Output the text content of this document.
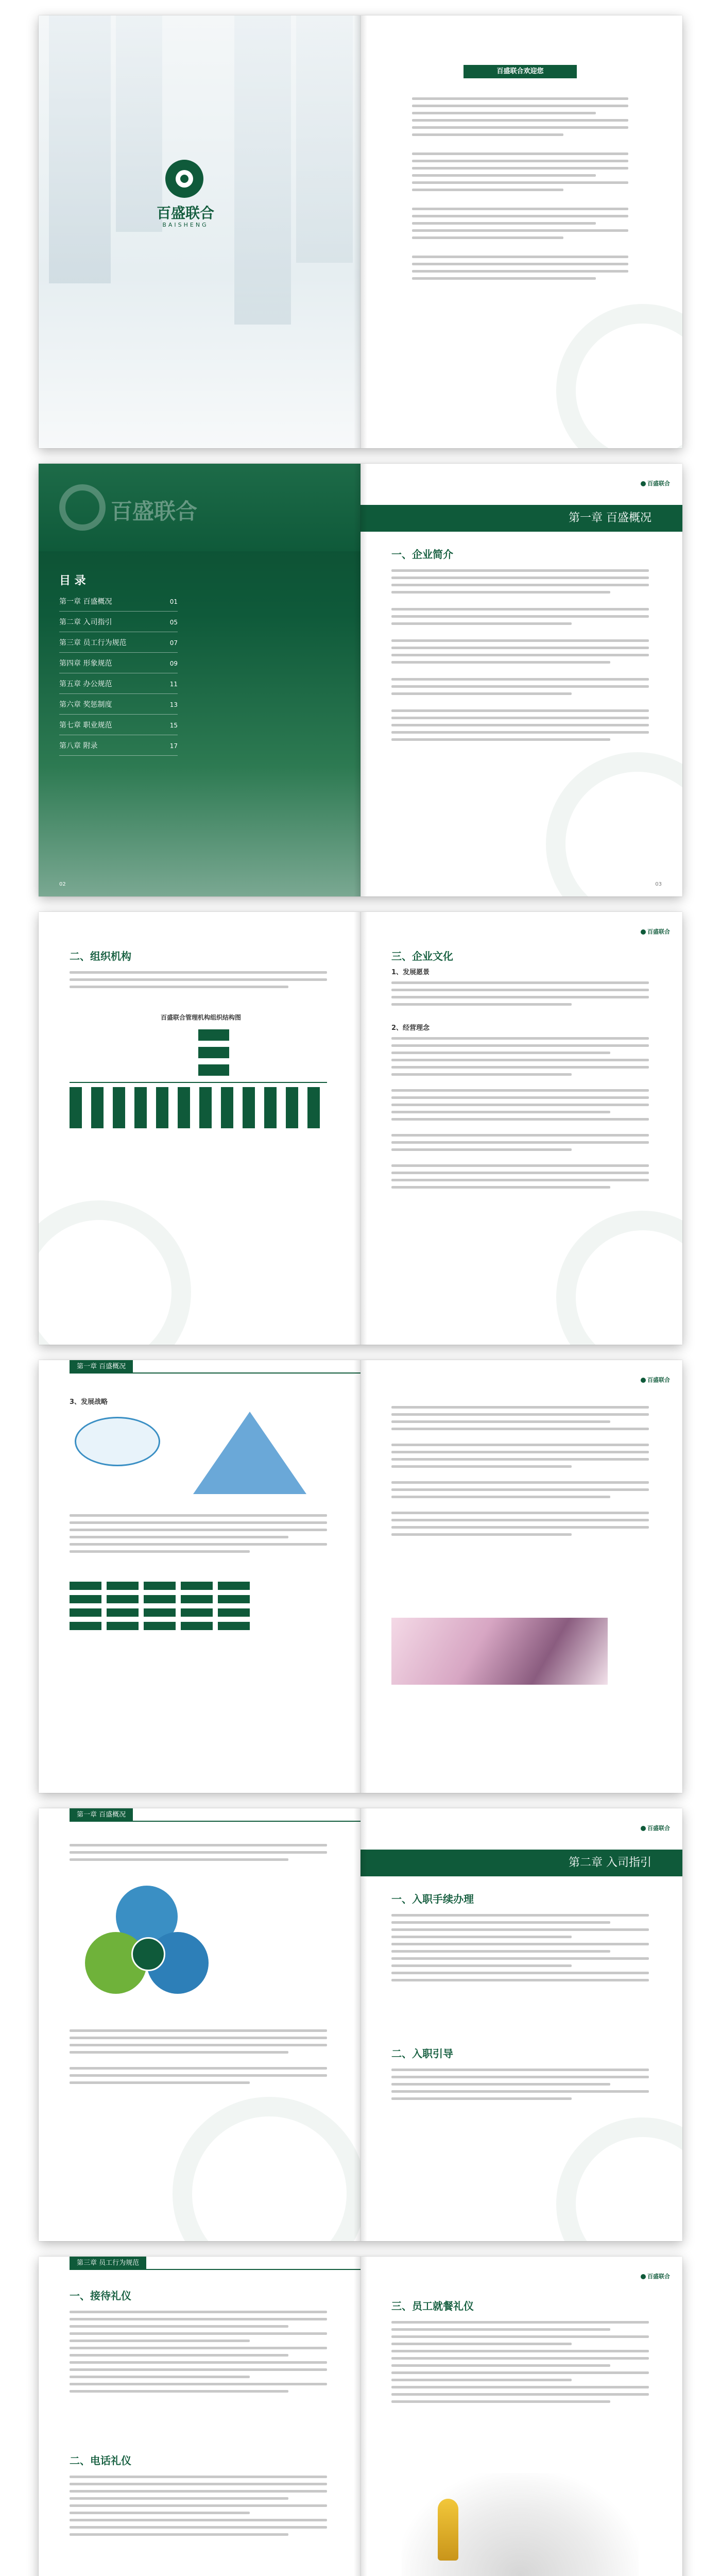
百盛联合
BAISHENG
百盛联合欢迎您
百盛联合
目 录
第一章 百盛概况	01
第二章 入司指引	05
第三章 员工行为规范	07
第四章 形象规范	09
第五章 办公规范	11
第六章 奖惩制度	13
第七章 职业规范	15
第八章 附录	17
02
百盛联合
第一章 百盛概况
一、企业简介
03
二、组织机构
百盛联合管理机构组织结构图
百盛联合
三、企业文化
1、发展愿景
2、经营理念
第一章 百盛概况
3、发展战略
百盛联合
第一章 百盛概况
百盛联合
第二章 入司指引
一、入职手续办理
二、入职引导
第三章 员工行为规范
一、接待礼仪
二、电话礼仪
百盛联合
三、员工就餐礼仪
